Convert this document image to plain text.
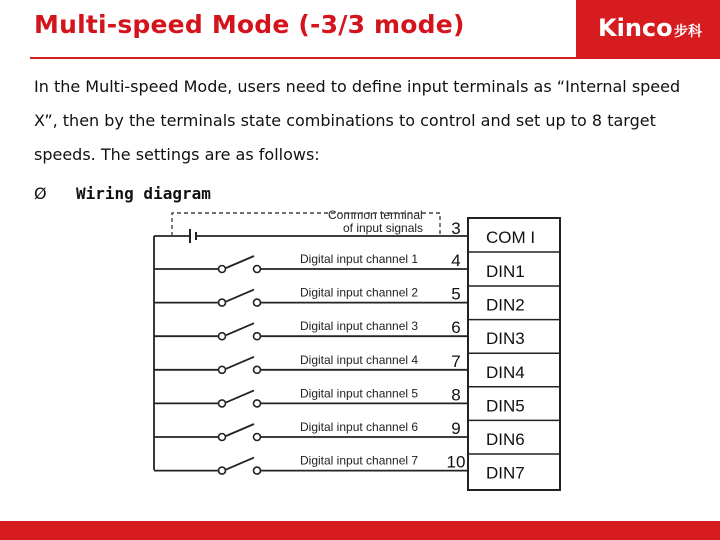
Multi-speed Mode (-3/3 mode)	Kinco 步科
In the Multi-speed Mode, users need to define input terminals as “Internal speed X”, then by the terminals state combinations to control and set up to 8 target speeds. The settings are as follows:
Ø Wiring diagram
Common terminal
of input signals 3 COM I
Digital input channel 1 4
DIN1
Digital input channel 2 5
DIN2
Digital input channel 3 6
DIN3
Digital input channel 4 7
DIN4
Digital input channel 5 8
DIN5
Digital input channel 6 9
DIN6
Digital input channel 7 10
DIN7
